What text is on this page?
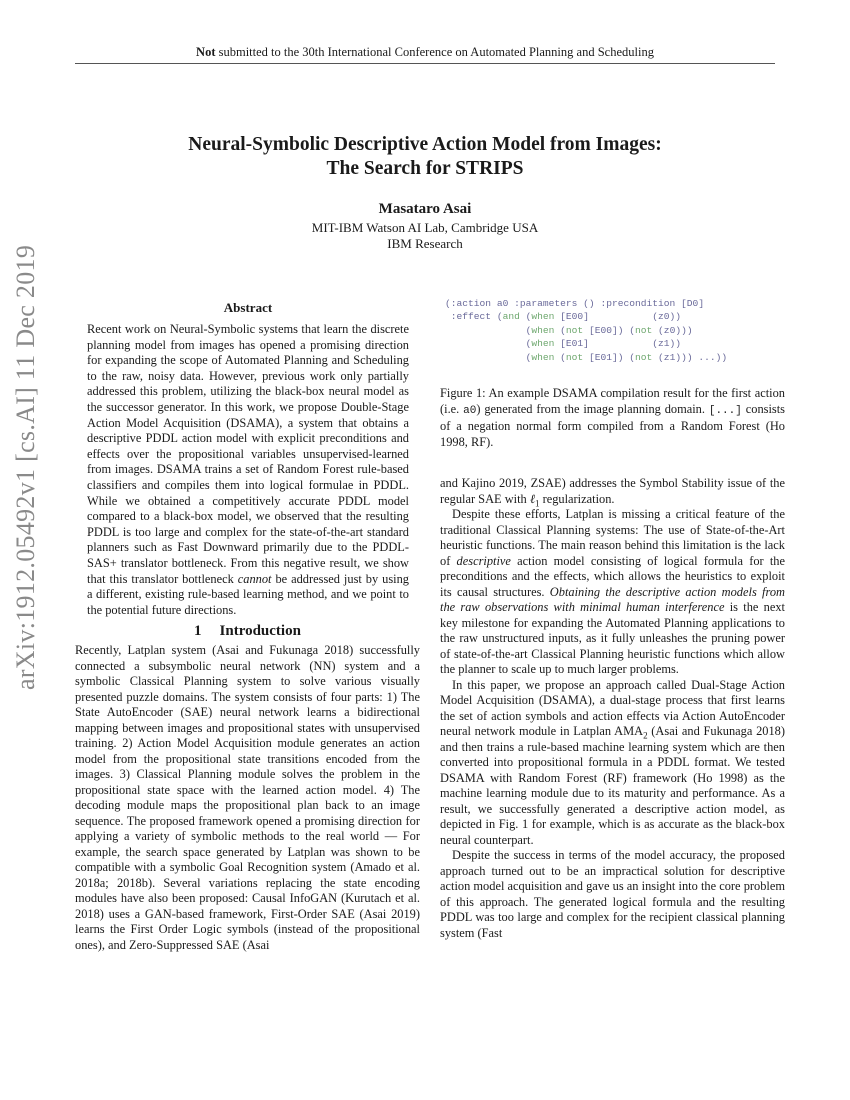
Not submitted to the 30th International Conference on Automated Planning and Scheduling
Neural-Symbolic Descriptive Action Model from Images:
The Search for STRIPS
Masataro Asai
MIT-IBM Watson AI Lab, Cambridge USA
IBM Research
arXiv:1912.05492v1 [cs.AI] 11 Dec 2019	Abstract

Recent work on Neural-Symbolic systems that learn the discrete planning model from images has opened a promising direction for expanding the scope of Automated Planning and Scheduling to the raw, noisy data. However, previous work only partially addressed this problem, utilizing the black-box neural model as the successor generator. In this work, we propose Double-Stage Action Model Acquisition (DSAMA), a system that obtains a descriptive PDDL action model with explicit preconditions and effects over the propositional variables unsupervised-learned from images. DSAMA trains a set of Random Forest rule-based classifiers and compiles them into logical formulae in PDDL. While we obtained a competitively accurate PDDL model compared to a black-box model, we observed that the resulting PDDL is too large and complex for the state-of-the-art standard planners such as Fast Downward primarily due to the PDDL-SAS+ translator bottleneck. From this negative result, we show that this translator bottleneck cannot be addressed just by using a different, existing rule-based learning method, and we point to the potential future directions.

1 Introduction

Recently, Latplan system (Asai and Fukunaga 2018) successfully connected a subsymbolic neural network (NN) system and a symbolic Classical Planning system to solve various visually presented puzzle domains. The system consists of four parts: 1) The State AutoEncoder (SAE) neural network learns a bidirectional mapping between images and propositional states with unsupervised training. 2) Action Model Acquisition module generates an action model from the propositional state transitions encoded from the images. 3) Classical Planning module solves the problem in the propositional state space with the learned action model. 4) The decoding module maps the propositional plan back to an image sequence. The proposed framework opened a promising direction for applying a variety of symbolic methods to the real world — For example, the search space generated by Latplan was shown to be compatible with a symbolic Goal Recognition system (Amado et al. 2018a; 2018b). Several variations replacing the state encoding modules have also been proposed: Causal InfoGAN (Kurutach et al. 2018) uses a GAN-based framework, First-Order SAE (Asai 2019) learns the First Order Logic symbols (instead of the propositional ones), and Zero-Suppressed SAE (Asai

(:action a0 :parameters () :precondition [D0]
:effect (and (when [E00]           (z0))
(when (not [E00]) (not (z0)))
(when [E01]           (z1))
(when (not [E01]) (not (z1))) ...))
Figure 1: An example DSAMA compilation result for the first action (i.e. a0) generated from the image planning domain. [...] consists of a negation normal form compiled from a Random Forest (Ho 1998, RF).

and Kajino 2019, ZSAE) addresses the Symbol Stability issue of the regular SAE with ℓ$_1$ regularization.

Despite these efforts, Latplan is missing a critical feature of the traditional Classical Planning systems: The use of State-of-the-Art heuristic functions. The main reason behind this limitation is the lack of descriptive action model consisting of logical formula for the preconditions and the effects, which allows the heuristics to exploit its causal structures. Obtaining the descriptive action models from the raw observations with minimal human interference is the next key milestone for expanding the Automated Planning applications to the raw unstructured inputs, as it fully unleashes the pruning power of state-of-the-art Classical Planning heuristic functions which allow the planner to scale up to much larger problems.

In this paper, we propose an approach called Dual-Stage Action Model Acquisition (DSAMA), a dual-stage process that first learns the set of action symbols and action effects via Action AutoEncoder neural network module in Latplan $AMA_2$ (Asai and Fukunaga 2018) and then trains a rule-based machine learning system which are then converted into propositional formula in a PDDL format. We tested DSAMA with Random Forest (RF) framework (Ho 1998) as the machine learning module due to its maturity and performance. As a result, we successfully generated a descriptive action model, as depicted in Fig. 1 for example, which is as accurate as the black-box neural counterpart.

Despite the success in terms of the model accuracy, the proposed approach turned out to be an impractical solution for descriptive action model acquisition and gave us an insight into the core problem of this approach. The generated logical formula and the resulting PDDL was too large and complex for the recipient classical planning system (Fast
